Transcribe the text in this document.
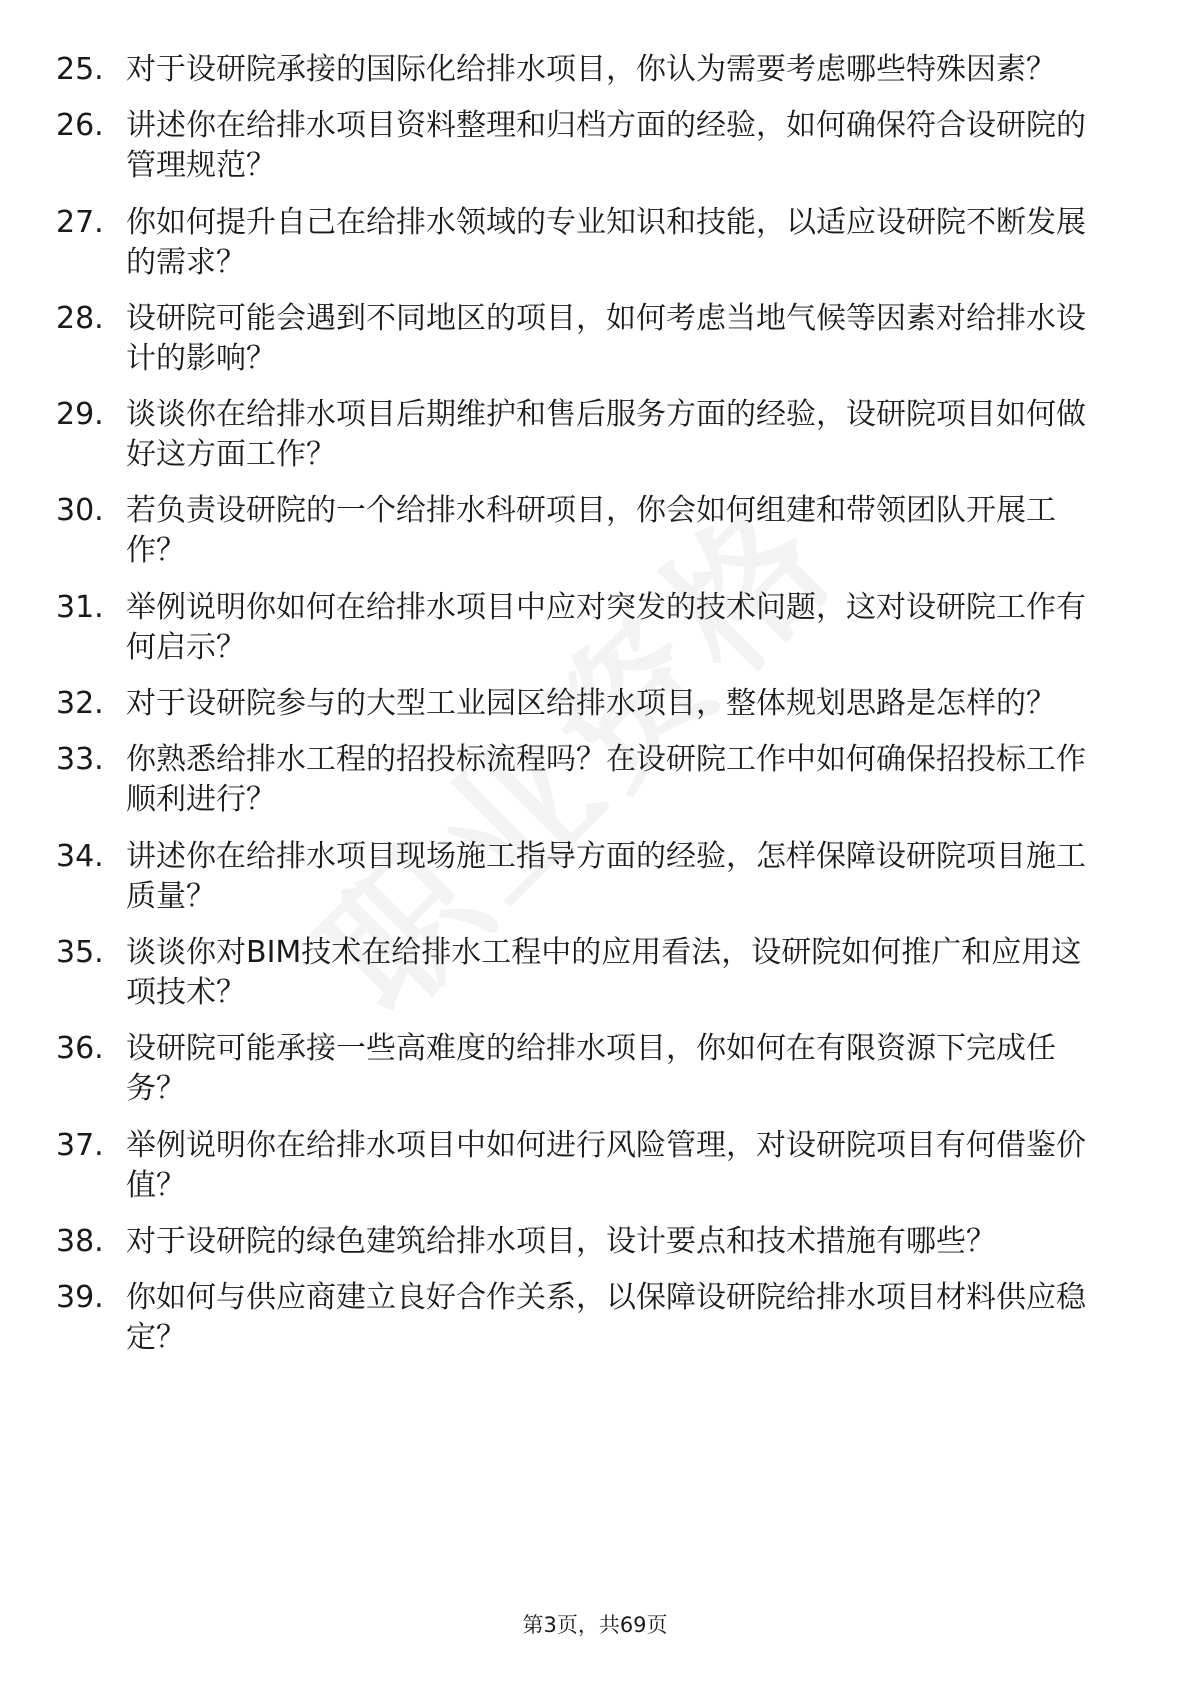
25. 对于设研院承接的国际化给排水项目，你认为需要考虑哪些特殊因素？
26. 讲述你在给排水项目资料整理和归档方面的经验，如何确保符合设研院的管理规范？
27. 你如何提升自己在给排水领域的专业知识和技能，以适应设研院不断发展的需求？
28. 设研院可能会遇到不同地区的项目，如何考虑当地气候等因素对给排水设计的影响？
29. 谈谈你在给排水项目后期维护和售后服务方面的经验，设研院项目如何做好这方面工作？
30. 若负责设研院的一个给排水科研项目，你会如何组建和带领团队开展工作？
31. 举例说明你如何在给排水项目中应对突发的技术问题，这对设研院工作有何启示？
32. 对于设研院参与的大型工业园区给排水项目，整体规划思路是怎样的？
33. 你熟悉给排水工程的招投标流程吗？在设研院工作中如何确保招投标工作顺利进行？
34. 讲述你在给排水项目现场施工指导方面的经验，怎样保障设研院项目施工质量？
35. 谈谈你对BIM技术在给排水工程中的应用看法，设研院如何推广和应用这项技术？
36. 设研院可能承接一些高难度的给排水项目，你如何在有限资源下完成任务？
37. 举例说明你在给排水项目中如何进行风险管理，对设研院项目有何借鉴价值？
38. 对于设研院的绿色建筑给排水项目，设计要点和技术措施有哪些？
39. 你如何与供应商建立良好合作关系，以保障设研院给排水项目材料供应稳定？
第3页，共69页
